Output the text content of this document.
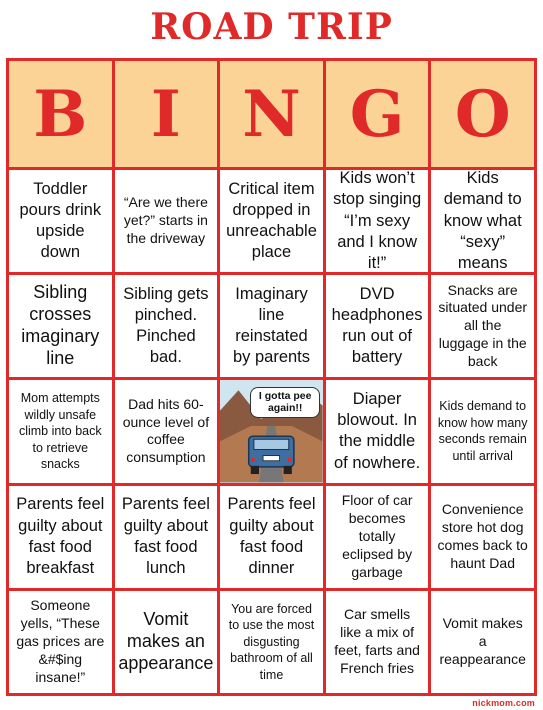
ROAD TRIP
B I N G O
Toddler pours drink upside down
“Are we there yet?” starts in the driveway
Critical item dropped in unreachable place
Kids won’t stop singing “I’m sexy and I know it!”
Kids demand to know what “sexy” means
Sibling crosses imaginary line
Sibling gets pinched. Pinched bad.
Imaginary line reinstated by parents
DVD headphones run out of battery
Snacks are situated under all the luggage in the back
Mom attempts wildly unsafe climb into back to retrieve snacks
Dad hits 60-ounce level of coffee consumption
I gotta pee again!!
Diaper blowout. In the middle of nowhere.
Kids demand to know how many seconds remain until arrival
Parents feel guilty about fast food breakfast
Parents feel guilty about fast food lunch
Parents feel guilty about fast food dinner
Floor of car becomes totally eclipsed by garbage
Convenience store hot dog comes back to haunt Dad
Someone yells, “These gas prices are &#$ing insane!”
Vomit makes an appearance
You are forced to use the most disgusting bathroom of all time
Car smells like a mix of feet, farts and French fries
Vomit makes a reappearance
nickmom.com
